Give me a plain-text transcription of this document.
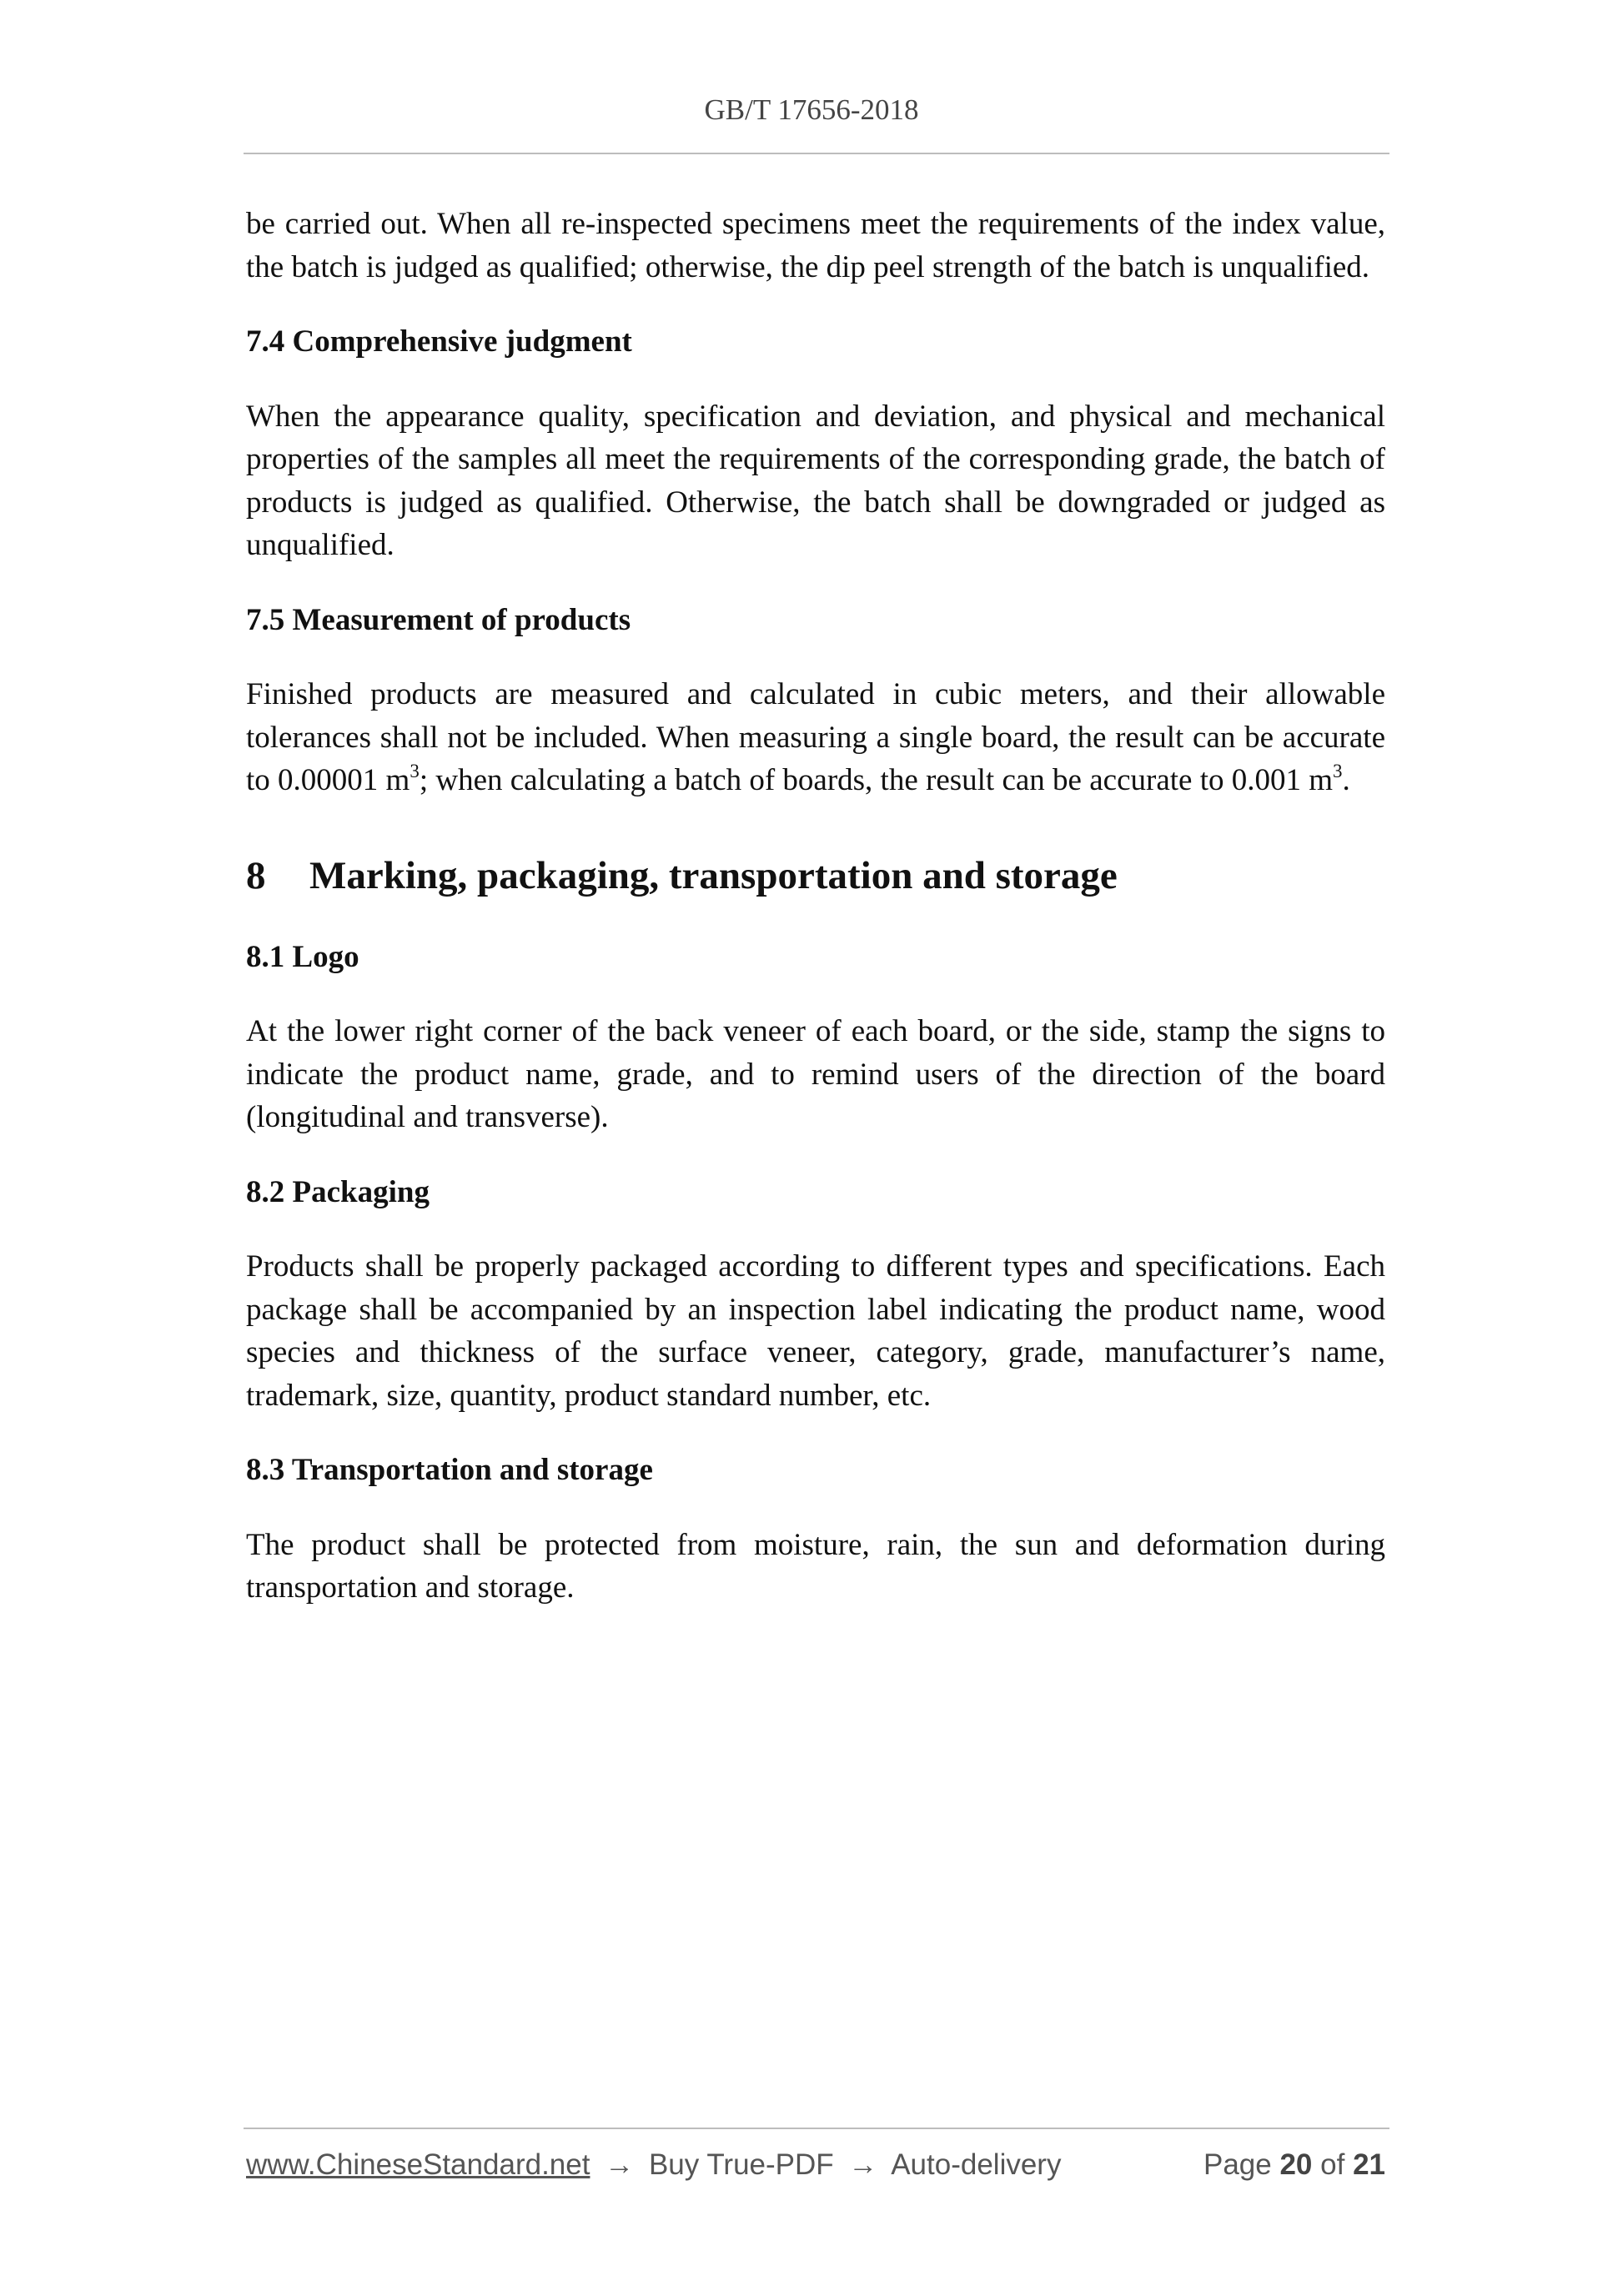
GB/T 17656-2018

be carried out. When all re-inspected specimens meet the requirements of the index value, the batch is judged as qualified; otherwise, the dip peel strength of the batch is unqualified.

7.4 Comprehensive judgment

When the appearance quality, specification and deviation, and physical and mechanical properties of the samples all meet the requirements of the corresponding grade, the batch of products is judged as qualified. Otherwise, the batch shall be downgraded or judged as unqualified.

7.5 Measurement of products

Finished products are measured and calculated in cubic meters, and their allowable tolerances shall not be included. When measuring a single board, the result can be accurate to 0.00001 $m^3$; when calculating a batch of boards, the result can be accurate to 0.001 $m^3$.

8	Marking, packaging, transportation and storage
8.1 Logo

At the lower right corner of the back veneer of each board, or the side, stamp the signs to indicate the product name, grade, and to remind users of the direction of the board (longitudinal and transverse).

8.2 Packaging

Products shall be properly packaged according to different types and specifications. Each package shall be accompanied by an inspection label indicating the product name, wood species and thickness of the surface veneer, category, grade, manufacturer’s name, trademark, size, quantity, product standard number, etc.

8.3 Transportation and storage

The product shall be protected from moisture, rain, the sun and deformation during transportation and storage.

www.ChineseStandard.net → Buy True-PDF → Auto-delivery	Page 20 of 21
